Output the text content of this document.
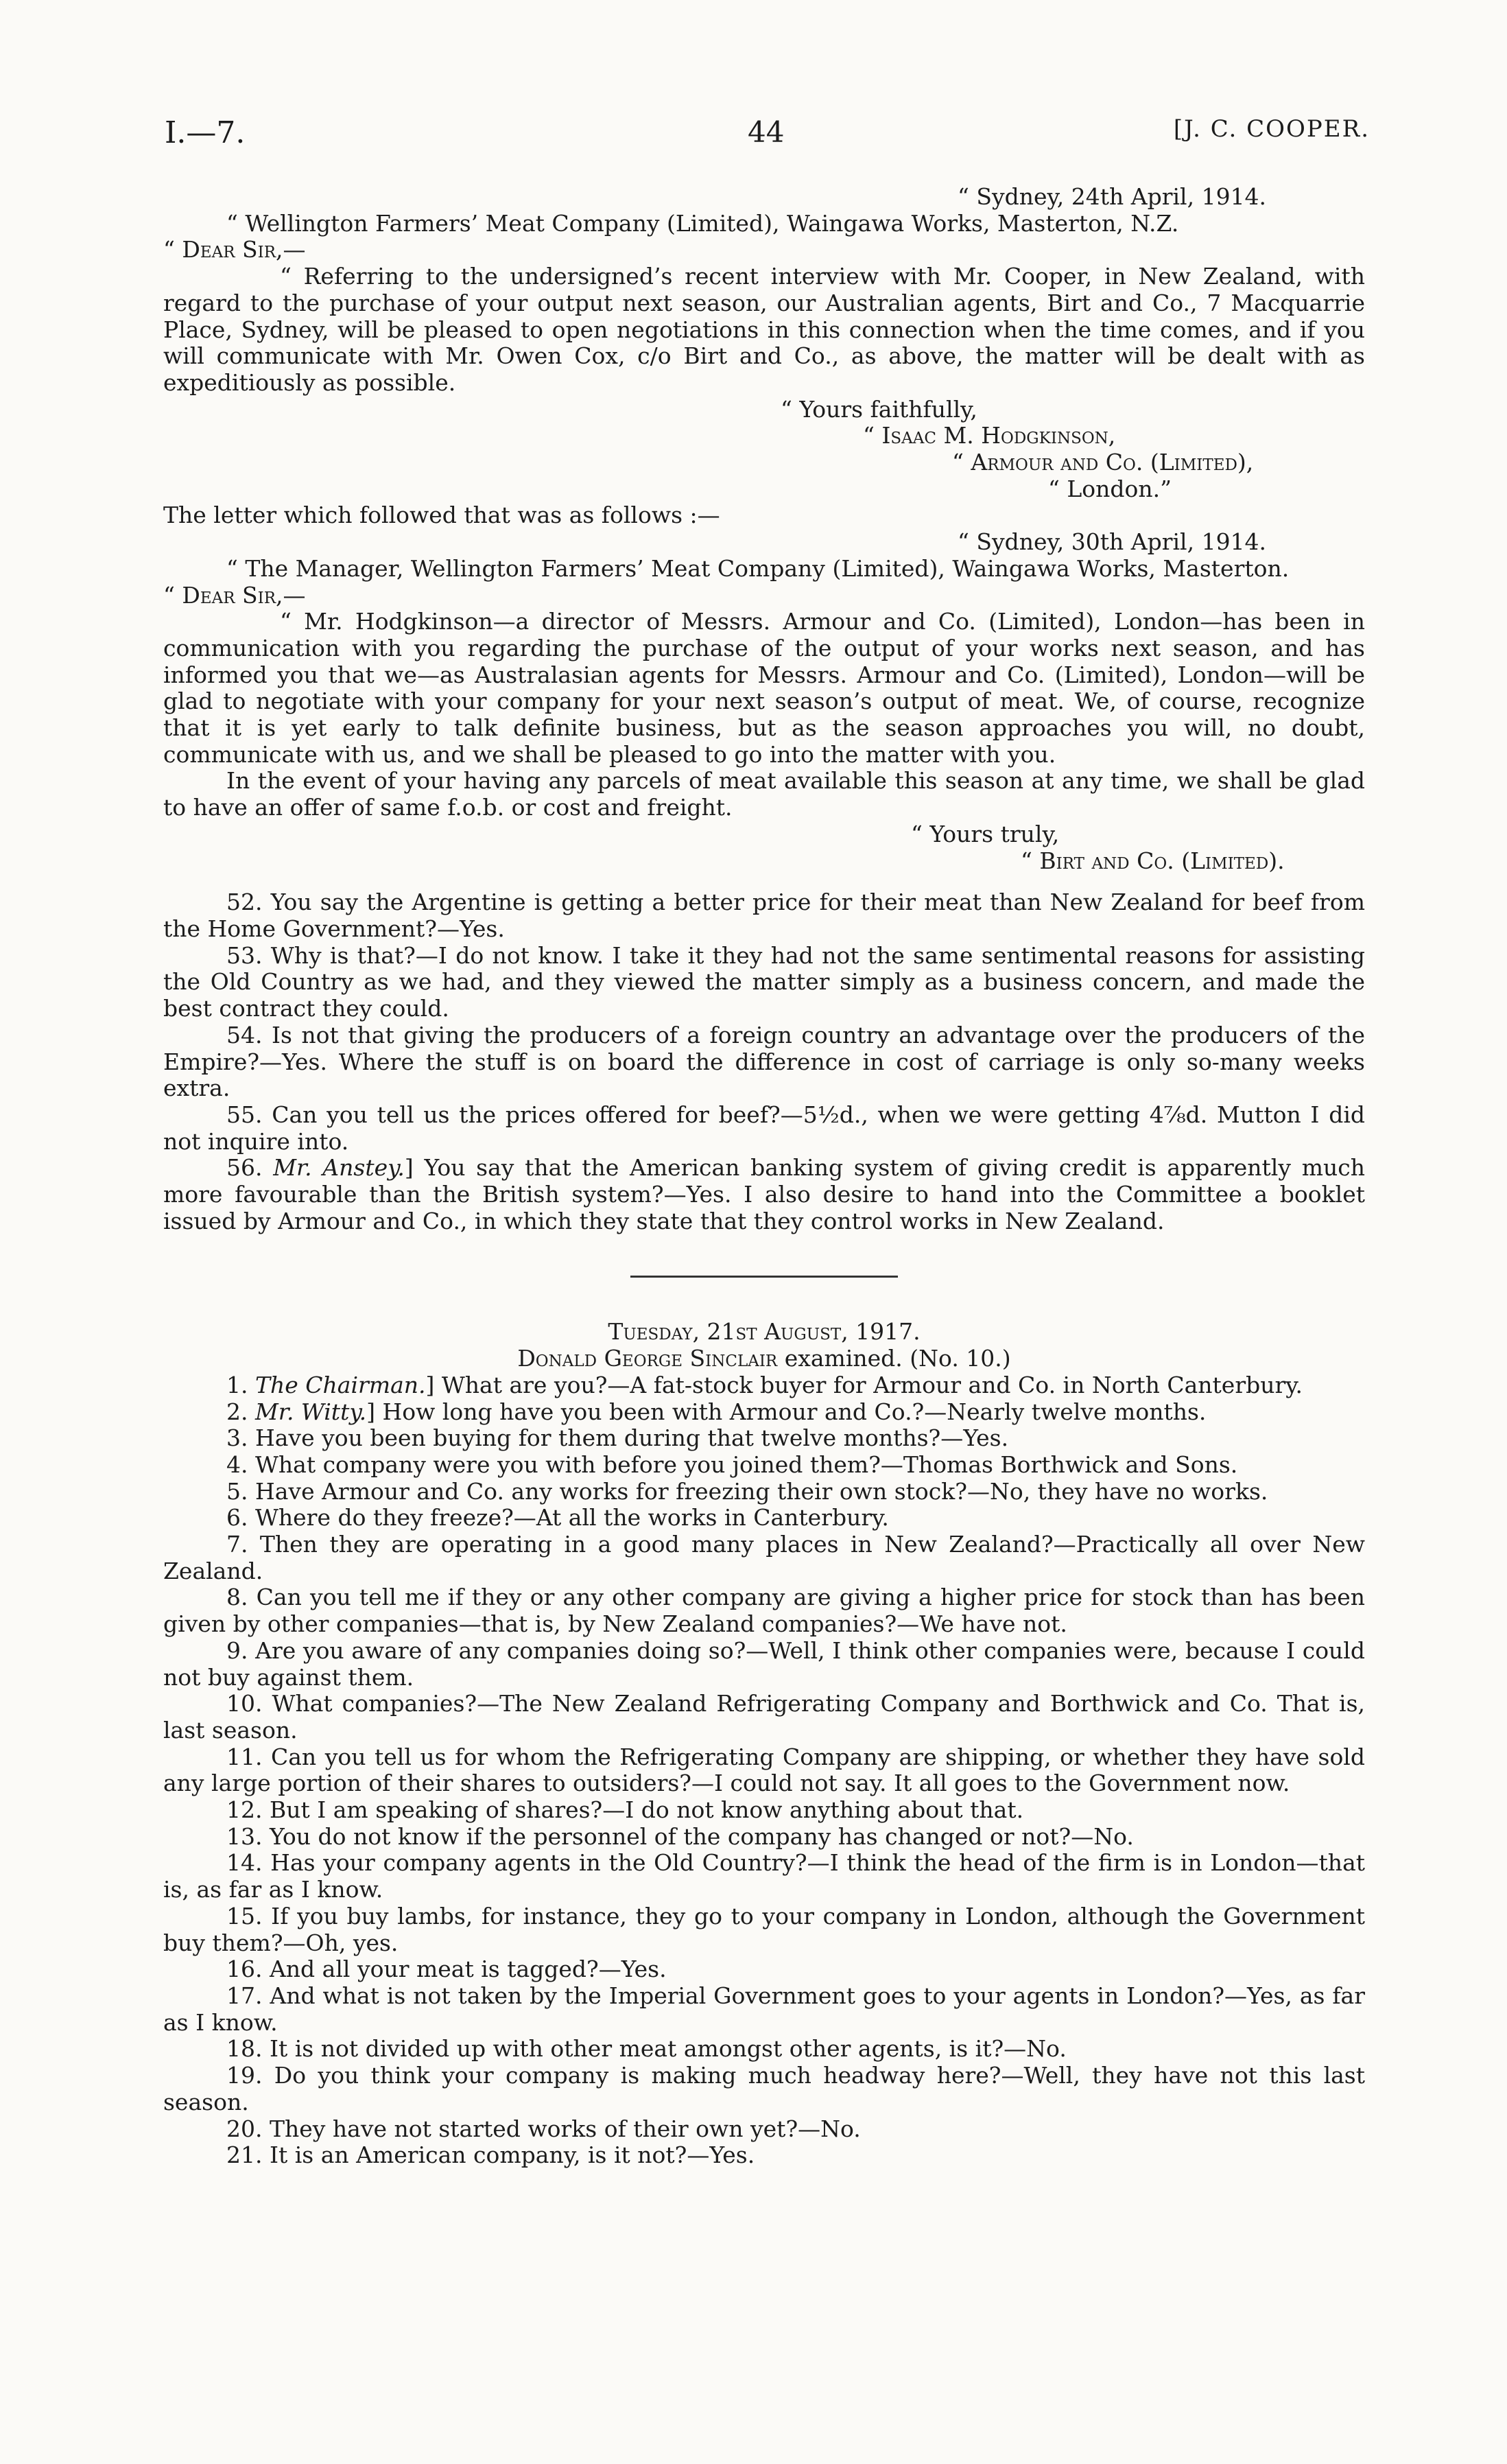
I.—7.	44	[J. C. COOPER.

“ Sydney, 24th April, 1914.

“ Wellington Farmers’ Meat Company (Limited), Waingawa Works, Masterton, N.Z.

“ Dear Sir,—

“ Referring to the undersigned’s recent interview with Mr. Cooper, in New Zealand, with regard to the purchase of your output next season, our Australian agents, Birt and Co., 7 Macquarrie Place, Sydney, will be pleased to open negotiations in this connection when the time comes, and if you will communicate with Mr. Owen Cox, c/o Birt and Co., as above, the matter will be dealt with as expeditiously as possible.

“ Yours faithfully,

“ Isaac M. Hodgkinson,

“ Armour and Co. (Limited),

“ London.”

The letter which followed that was as follows :—

“ Sydney, 30th April, 1914.

“ The Manager, Wellington Farmers’ Meat Company (Limited), Waingawa Works, Masterton.

“ Dear Sir,—

“ Mr. Hodgkinson—a director of Messrs. Armour and Co. (Limited), London—has been in communication with you regarding the purchase of the output of your works next season, and has informed you that we—as Australasian agents for Messrs. Armour and Co. (Limited), London—will be glad to negotiate with your company for your next season’s output of meat. We, of course, recognize that it is yet early to talk definite business, but as the season approaches you will, no doubt, communicate with us, and we shall be pleased to go into the matter with you.

In the event of your having any parcels of meat available this season at any time, we shall be glad to have an offer of same f.o.b. or cost and freight.

“ Yours truly,

“ Birt and Co. (Limited).

52. You say the Argentine is getting a better price for their meat than New Zealand for beef from the Home Government?—Yes.

53. Why is that?—I do not know. I take it they had not the same sentimental reasons for assisting the Old Country as we had, and they viewed the matter simply as a business concern, and made the best contract they could.

54. Is not that giving the producers of a foreign country an advantage over the producers of the Empire?—Yes. Where the stuff is on board the difference in cost of carriage is only so-many weeks extra.

55. Can you tell us the prices offered for beef?—5½d., when we were getting 4⅞d. Mutton I did not inquire into.

56. Mr. Anstey.] You say that the American banking system of giving credit is apparently much more favourable than the British system?—Yes. I also desire to hand into the Committee a booklet issued by Armour and Co., in which they state that they control works in New Zealand.

Tuesday, 21st August, 1917.

Donald George Sinclair examined. (No. 10.)

1. The Chairman.] What are you?—A fat-stock buyer for Armour and Co. in North Canterbury.

2. Mr. Witty.] How long have you been with Armour and Co.?—Nearly twelve months.

3. Have you been buying for them during that twelve months?—Yes.

4. What company were you with before you joined them?—Thomas Borthwick and Sons.

5. Have Armour and Co. any works for freezing their own stock?—No, they have no works.

6. Where do they freeze?—At all the works in Canterbury.

7. Then they are operating in a good many places in New Zealand?—Practically all over New Zealand.

8. Can you tell me if they or any other company are giving a higher price for stock than has been given by other companies—that is, by New Zealand companies?—We have not.

9. Are you aware of any companies doing so?—Well, I think other companies were, because I could not buy against them.

10. What companies?—The New Zealand Refrigerating Company and Borthwick and Co. That is, last season.

11. Can you tell us for whom the Refrigerating Company are shipping, or whether they have sold any large portion of their shares to outsiders?—I could not say. It all goes to the Government now.

12. But I am speaking of shares?—I do not know anything about that.

13. You do not know if the personnel of the company has changed or not?—No.

14. Has your company agents in the Old Country?—I think the head of the firm is in London—that is, as far as I know.

15. If you buy lambs, for instance, they go to your company in London, although the Government buy them?—Oh, yes.

16. And all your meat is tagged?—Yes.

17. And what is not taken by the Imperial Government goes to your agents in London?—Yes, as far as I know.

18. It is not divided up with other meat amongst other agents, is it?—No.

19. Do you think your company is making much headway here?—Well, they have not this last season.

20. They have not started works of their own yet?—No.

21. It is an American company, is it not?—Yes.
